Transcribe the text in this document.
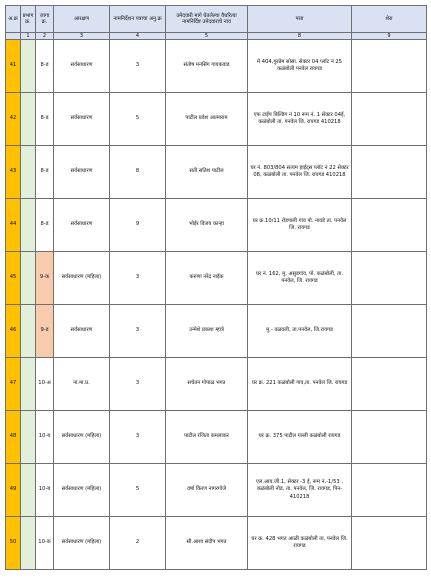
अ.क्र	प्रभाग क्र.	जागा क्र.	आरक्षण	नामनिर्देशन पत्राचा अनु.क्र	उमेदवारी मागे घेतलेल्या वैधरित्या नामनिर्दिष्ट उमेदवाराचे नाव	पत्ता	शेरा
	1	2	3	4	5	8	9
41		8-ड	सर्वसाधारण	3	संतोष मनसिंग गायकवाड	मे 404,गुरप्रेम सोसा. सेक्टर 04 प्लॉट नं 25 कळंबोली पनवेल रायगड	
42		8-ड	सर्वसाधारण	5	पाटील प्रवेश आत्माराम	एफ टाईप बिल्डिंग नं 10 रूम नं. 1 सेक्टर 04ई, कळंबोली ता. पनवेल जि. रायगड 410218	
43		8-ड	सर्वसाधारण	8	सती सतिश पाटील	घर नं. 803/804 सत्यम हाईट्स प्लॉट नं 22 सेक्टर 08, कळंबोली ता. पनवेल जि. रायगड 410218	
44		8-ड	सर्वसाधारण	9	भोईर विजय कान्हा	घर क्र.10/11 रोडपाली गाव पो. नावडे ता. पनवेल जि. रायगड	
45		9-क	सर्वसाधारण (महिला)	3	करुणा नरेंद्र नाईक	घर नं. 162, मु. असुडगांव, पो. कळंबोली, ता. पनवेल, जि. रायगड	
46		9-ड	सर्वसाधारण	3	उन्मेशे प्रकाश म्हात्रे	मु.- वळवली, ता.पनवेल, जि.रायगड	
47		10-अ	ना.मा.प्र.	3	सचेतन गोपाळ भगत	घर क्र. 221 कळंबोली गाव,ता. पनवेल जि. रायगड	
48		10-ब	सर्वसाधारण (महिला)	3	पाटील रंजिता कमलाकर	घर क्र. 375 पाटील गल्ली कळंबोली रायगड	
49		10-ब	सर्वसाधारण (महिला)	5	वर्षा किरण नागरगोजे	एल.आय.जी.1, सेक्टर -3 ई, रूम नं.-1/53 , कळंबोली नोड, ता. पनवेल, जि. रायगड, पिन- 410218	
50		10-क	सर्वसाधारण (महिला)	2	सौ.आशा संदीप भगत	घर क्र. 428 भगत आळी कळंबोली ता. पनवेल जि. रायगड	
